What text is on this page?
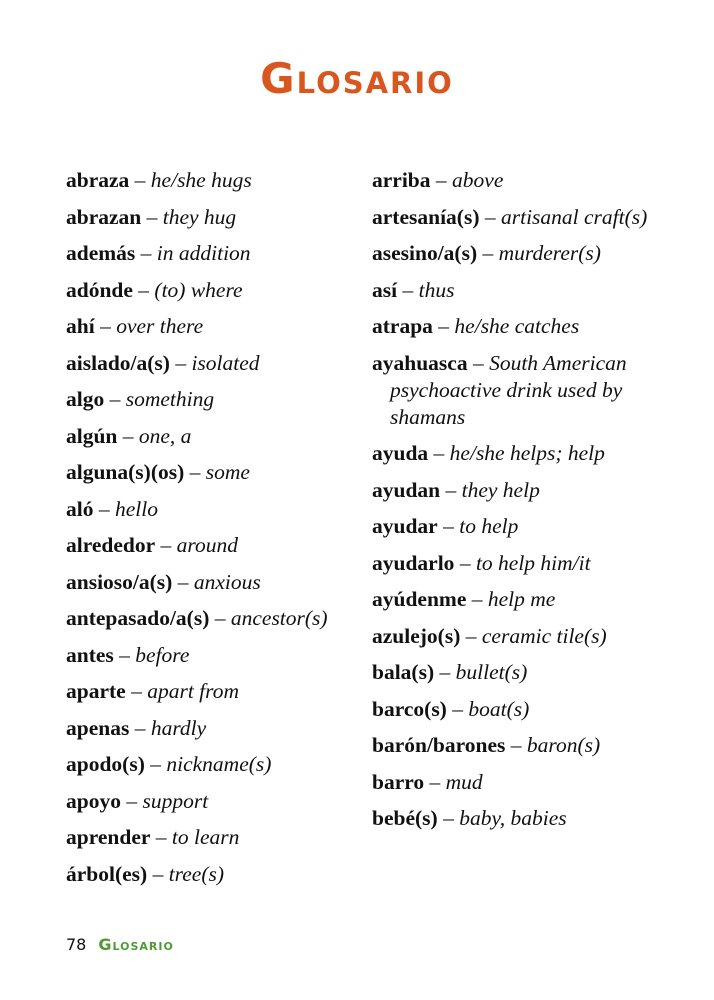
Glosario
abraza – he/she hugs
abrazan – they hug
además – in addition
adónde – (to) where
ahí – over there
aislado/a(s) – isolated
algo – something
algún – one, a
alguna(s)(os) – some
aló – hello
alrededor – around
ansioso/a(s) – anxious
antepasado/a(s) – ancestor(s)
antes – before
aparte – apart from
apenas – hardly
apodo(s) – nickname(s)
apoyo – support
aprender – to learn
árbol(es) – tree(s)
arriba – above
artesanía(s) – artisanal craft(s)
asesino/a(s) – murderer(s)
así – thus
atrapa – he/she catches
ayahuasca – South American psychoactive drink used by shamans
ayuda – he/she helps; help
ayudan – they help
ayudar – to help
ayudarlo – to help him/it
ayúdenme – help me
azulejo(s) – ceramic tile(s)
bala(s) – bullet(s)
barco(s) – boat(s)
barón/barones – baron(s)
barro – mud
bebé(s) – baby, babies
78 Glosario
